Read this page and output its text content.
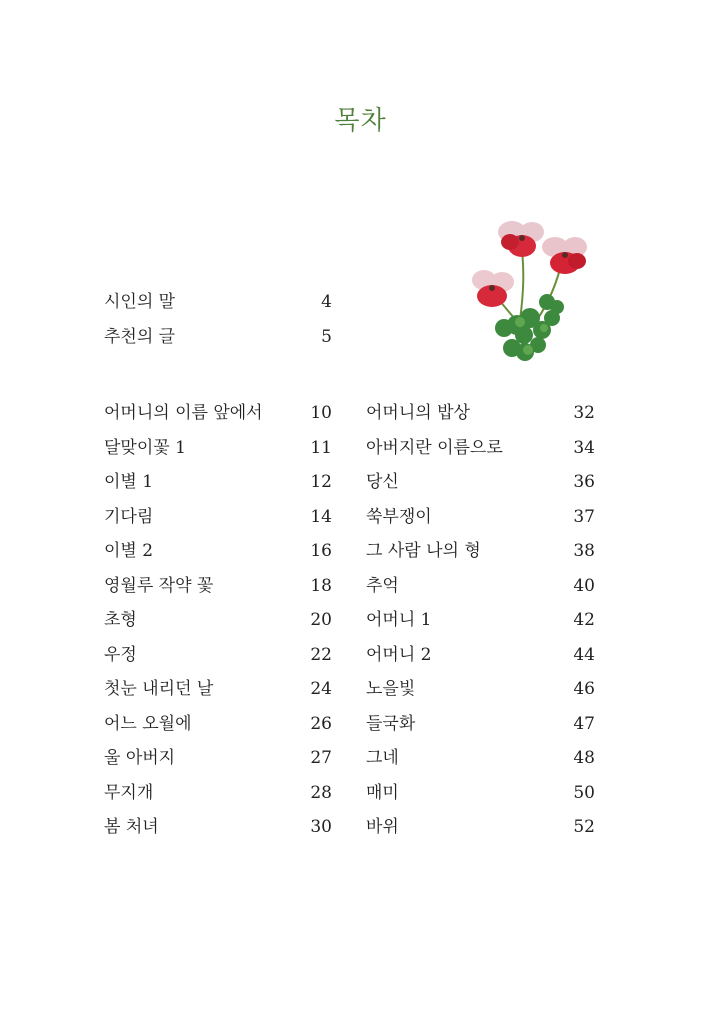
목차
시인의 말	4
추천의 글	5
어머니의 이름 앞에서	10
달맞이꽃 1	11
이별 1	12
기다림	14
이별 2	16
영월루 작약 꽃	18
초형	20
우정	22
첫눈 내리던 날	24
어느 오월에	26
울 아버지	27
무지개	28
봄 처녀	30
어머니의 밥상	32
아버지란 이름으로	34
당신	36
쑥부쟁이	37
그 사람 나의 형	38
추억	40
어머니 1	42
어머니 2	44
노을빛	46
들국화	47
그네	48
매미	50
바위	52
